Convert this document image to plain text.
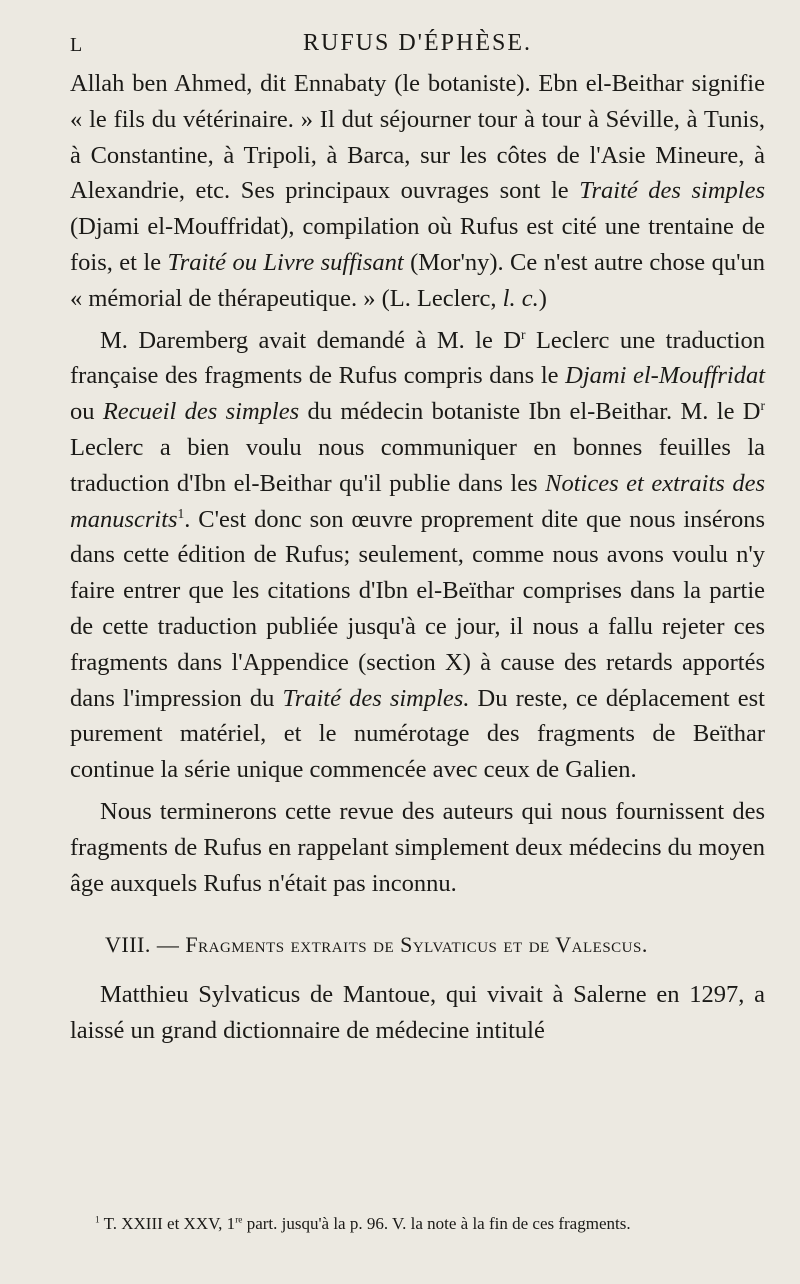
L	RUFUS D'ÉPHÈSE.

Allah ben Ahmed, dit Ennabaty (le botaniste). Ebn el-Beithar signifie « le fils du vétérinaire. » Il dut séjourner tour à tour à Séville, à Tunis, à Constantine, à Tripoli, à Barca, sur les côtes de l'Asie Mineure, à Alexandrie, etc. Ses principaux ouvrages sont le Traité des simples (Djami el-Mouffridat), compilation où Rufus est cité une trentaine de fois, et le Traité ou Livre suffisant (Mor'ny). Ce n'est autre chose qu'un « mémorial de thérapeutique. » (L. Leclerc, l. c.)

M. Daremberg avait demandé à M. le $D^r$ Leclerc une traduction française des fragments de Rufus compris dans le Djami el-Mouffridat ou Recueil des simples du médecin botaniste Ibn el-Beithar. M. le $D^r$ Leclerc a bien voulu nous communiquer en bonnes feuilles la traduction d'Ibn el-Beithar qu'il publie dans les Notices et extraits des manuscrits$^1$. C'est donc son œuvre proprement dite que nous insérons dans cette édition de Rufus; seulement, comme nous avons voulu n'y faire entrer que les citations d'Ibn el-Beïthar comprises dans la partie de cette traduction publiée jusqu'à ce jour, il nous a fallu rejeter ces fragments dans l'Appendice (section X) à cause des retards apportés dans l'impression du Traité des simples. Du reste, ce déplacement est purement matériel, et le numérotage des fragments de Beïthar continue la série unique commencée avec ceux de Galien.

Nous terminerons cette revue des auteurs qui nous fournissent des fragments de Rufus en rappelant simplement deux médecins du moyen âge auxquels Rufus n'était pas inconnu.

VIII. — Fragments extraits de Sylvaticus et de Valescus.

Matthieu Sylvaticus de Mantoue, qui vivait à Salerne en 1297, a laissé un grand dictionnaire de médecine intitulé

$^1$ T. XXIII et XXV, 1re part. jusqu'à la p. 96. V. la note à la fin de ces fragments.
